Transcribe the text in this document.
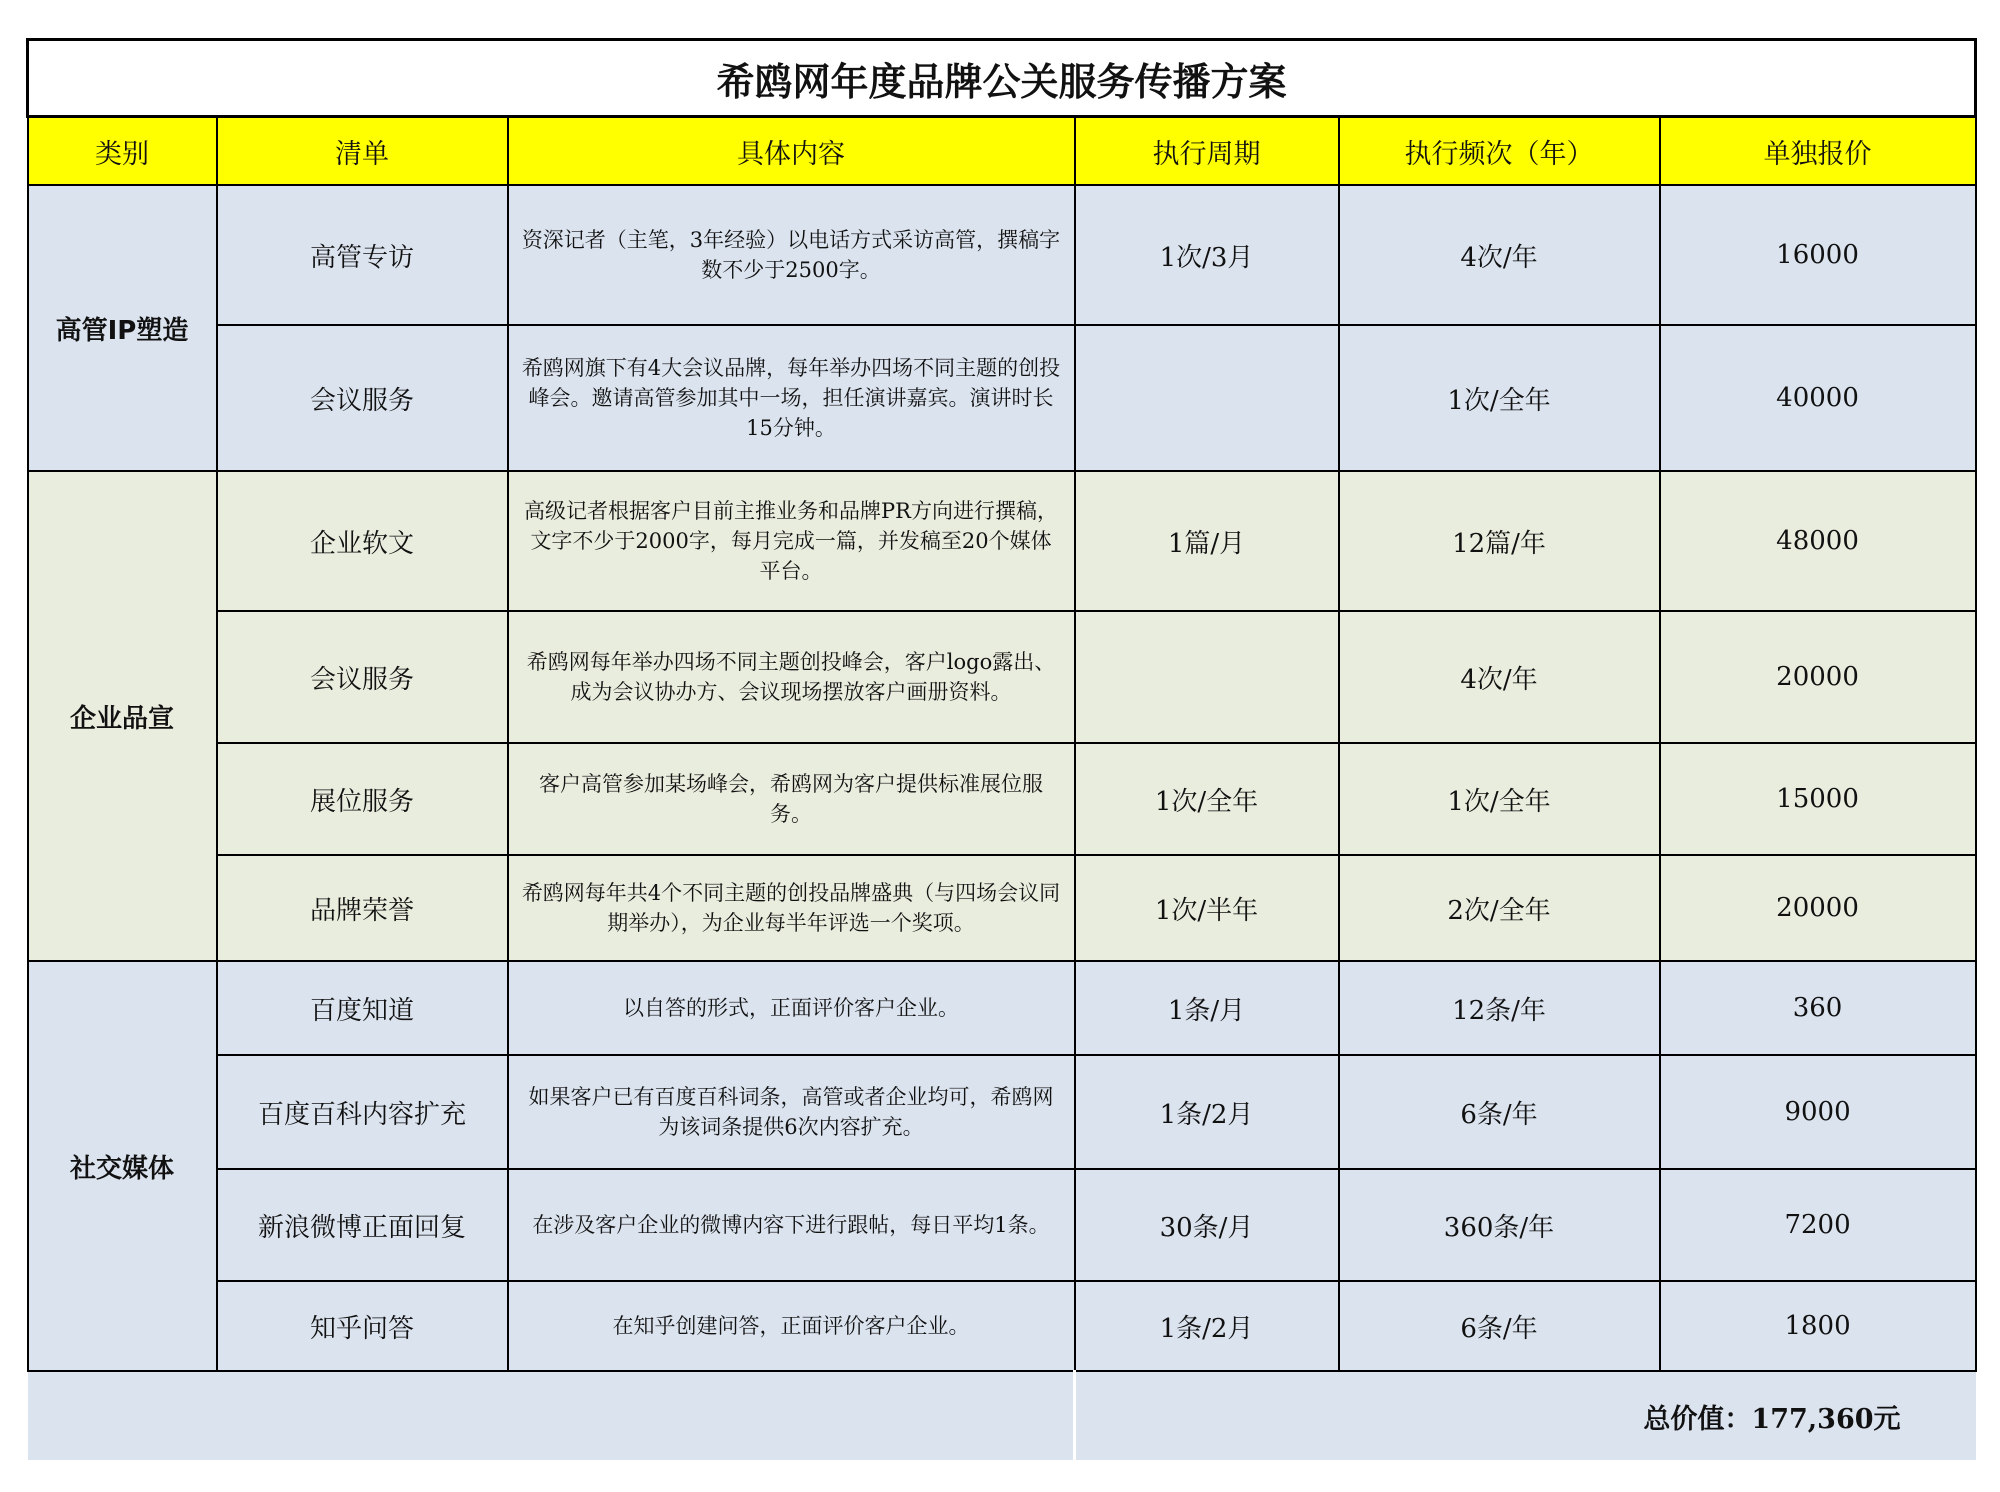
希鸥网年度品牌公关服务传播方案					
类别	清单	具体内容	执行周期	执行频次（年）	单独报价
高管IP塑造	高管专访	资深记者（主笔，3年经验）以电话方式采访高管，撰稿字数不少于2500字。	1次/3月	4次/年	16000
	会议服务	希鸥网旗下有4大会议品牌，每年举办四场不同主题的创投峰会。邀请高管参加其中一场，担任演讲嘉宾。演讲时长15分钟。		1次/全年	40000
企业品宣	企业软文	高级记者根据客户目前主推业务和品牌PR方向进行撰稿，文字不少于2000字，每月完成一篇，并发稿至20个媒体平台。	1篇/月	12篇/年	48000
	会议服务	希鸥网每年举办四场不同主题创投峰会，客户logo露出、成为会议协办方、会议现场摆放客户画册资料。		4次/年	20000
	展位服务	客户高管参加某场峰会，希鸥网为客户提供标准展位服务。	1次/全年	1次/全年	15000
	品牌荣誉	希鸥网每年共4个不同主题的创投品牌盛典（与四场会议同期举办），为企业每半年评选一个奖项。	1次/半年	2次/全年	20000
社交媒体	百度知道	以自答的形式，正面评价客户企业。	1条/月	12条/年	360
	百度百科内容扩充	如果客户已有百度百科词条，高管或者企业均可，希鸥网为该词条提供6次内容扩充。	1条/2月	6条/年	9000
	新浪微博正面回复	在涉及客户企业的微博内容下进行跟帖，每日平均1条。	30条/月	360条/年	7200
	知乎问答	在知乎创建问答，正面评价客户企业。	1条/2月	6条/年	1800
			总价值：177,360元		
